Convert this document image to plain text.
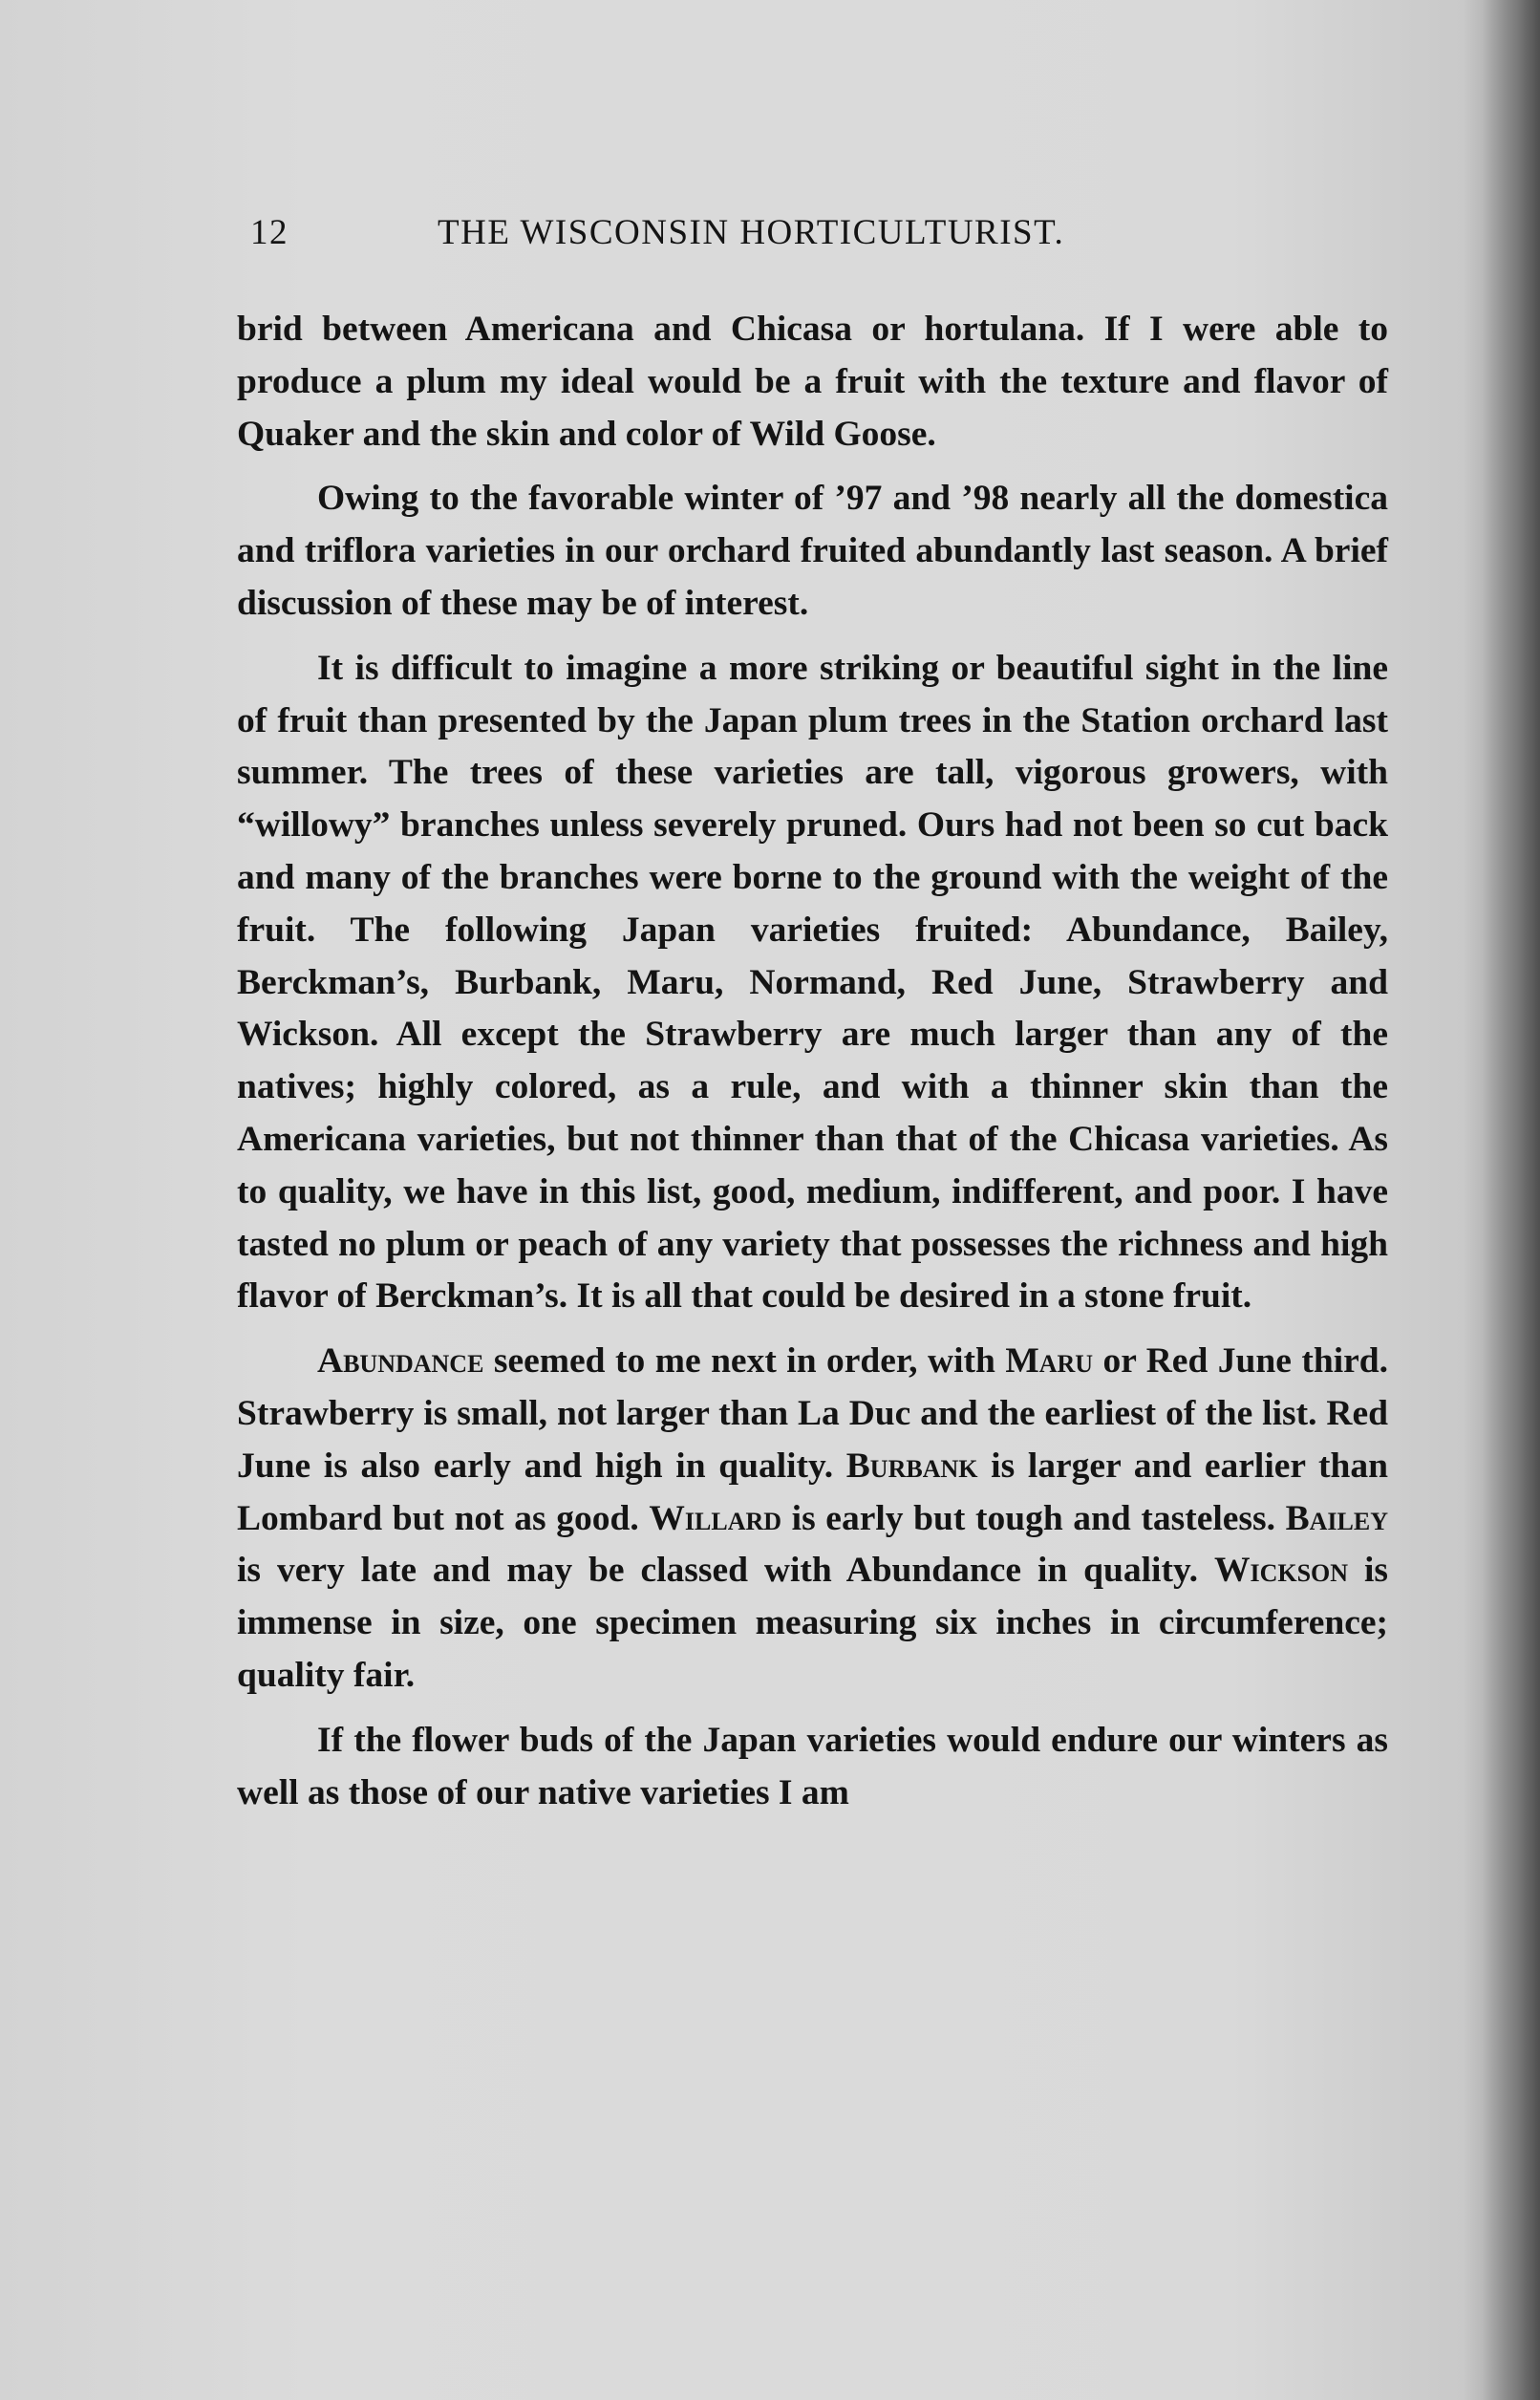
12	THE WISCONSIN HORTICULTURIST.

brid between Americana and Chicasa or hortulana. If I were able to produce a plum my ideal would be a fruit with the texture and flavor of Quaker and the skin and color of Wild Goose.

Owing to the favorable winter of ’97 and ’98 nearly all the domestica and triflora varieties in our orchard fruited abundantly last season. A brief discussion of these may be of interest.

It is difficult to imagine a more striking or beautiful sight in the line of fruit than presented by the Japan plum trees in the Station orchard last summer. The trees of these varieties are tall, vigorous growers, with “willowy” branches unless severely pruned. Ours had not been so cut back and many of the branches were borne to the ground with the weight of the fruit. The following Japan varieties fruited: Abundance, Bailey, Berckman’s, Burbank, Maru, Normand, Red June, Strawberry and Wickson. All except the Strawberry are much larger than any of the natives; highly colored, as a rule, and with a thinner skin than the Americana varieties, but not thinner than that of the Chicasa varieties. As to quality, we have in this list, good, medium, indifferent, and poor. I have tasted no plum or peach of any variety that possesses the richness and high flavor of Berckman’s. It is all that could be desired in a stone fruit.

Abundance seemed to me next in order, with Maru or Red June third. Strawberry is small, not larger than La Duc and the earliest of the list. Red June is also early and high in quality. Burbank is larger and earlier than Lombard but not as good. Willard is early but tough and tasteless. Bailey is very late and may be classed with Abundance in quality. Wickson is immense in size, one specimen measuring six inches in circumference; quality fair.

If the flower buds of the Japan varieties would endure our winters as well as those of our native varieties I am
